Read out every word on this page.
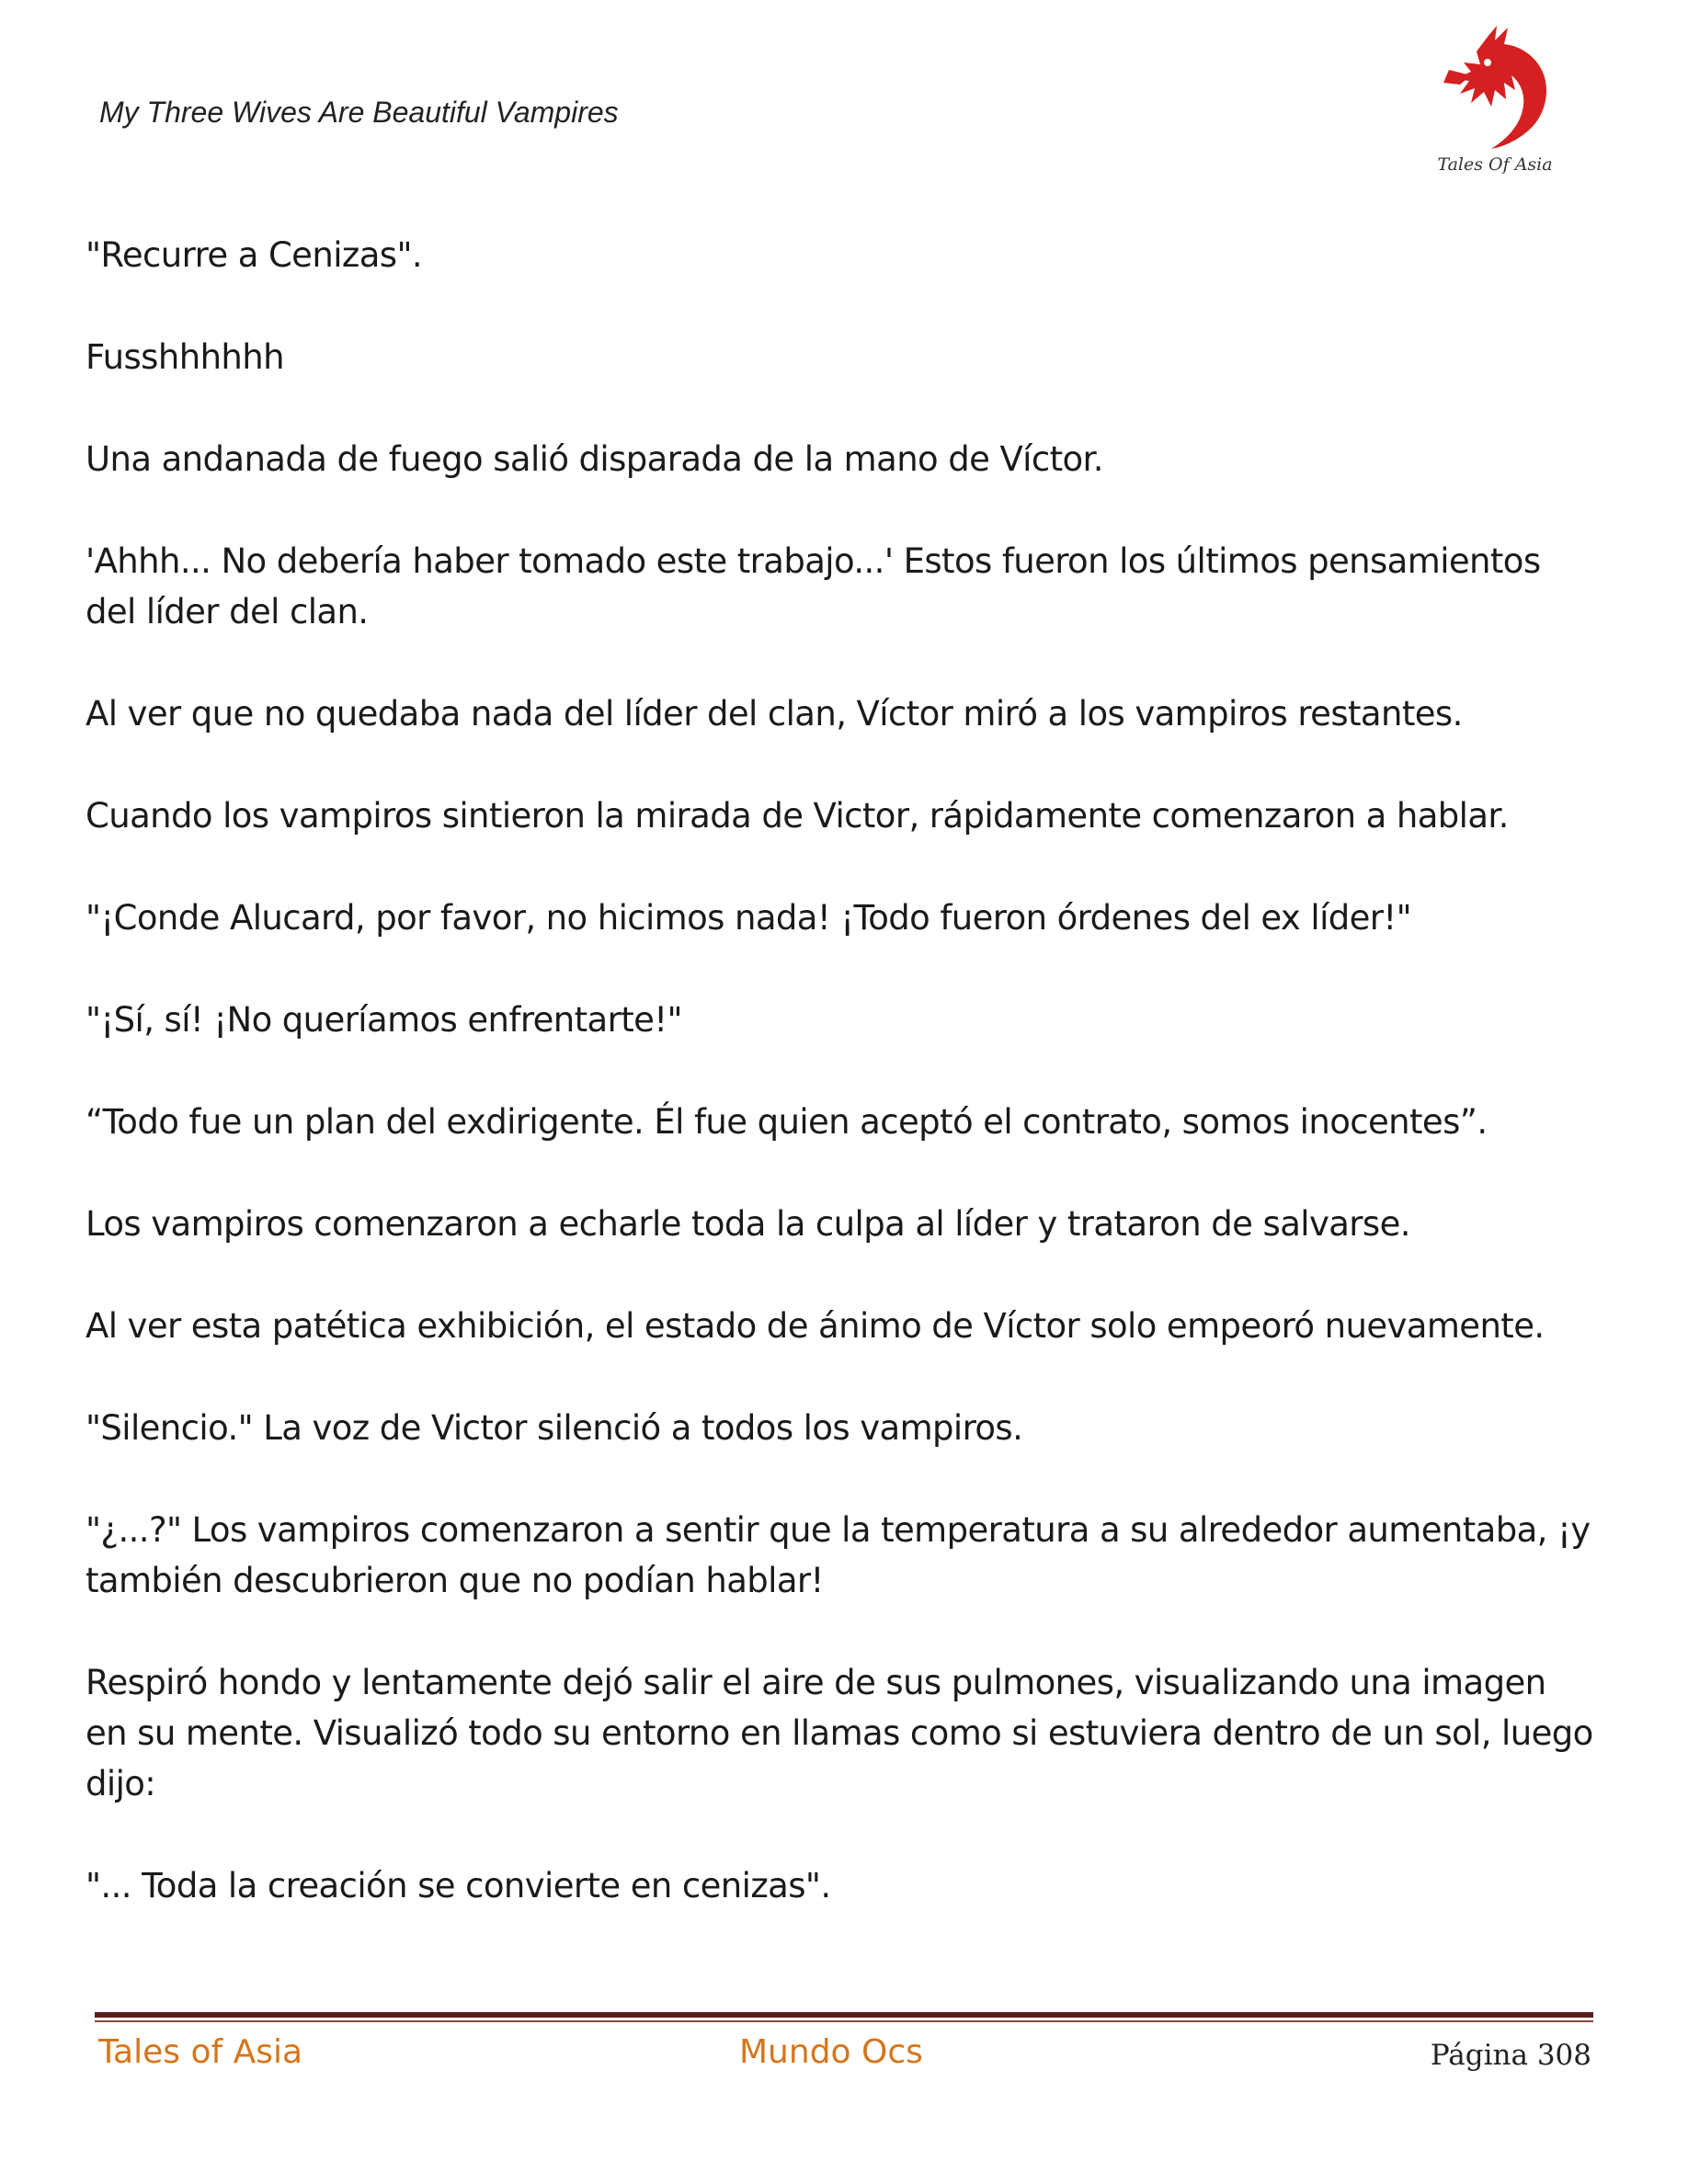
My Three Wives Are Beautiful Vampires
Tales Of Asia

"Recurre a Cenizas".

Fusshhhhhh

Una andanada de fuego salió disparada de la mano de Víctor.

'Ahhh... No debería haber tomado este trabajo...' Estos fueron los últimos pensamientos del líder del clan.

Al ver que no quedaba nada del líder del clan, Víctor miró a los vampiros restantes.

Cuando los vampiros sintieron la mirada de Victor, rápidamente comenzaron a hablar.

"¡Conde Alucard, por favor, no hicimos nada! ¡Todo fueron órdenes del ex líder!"

"¡Sí, sí! ¡No queríamos enfrentarte!"

“Todo fue un plan del exdirigente. Él fue quien aceptó el contrato, somos inocentes”.

Los vampiros comenzaron a echarle toda la culpa al líder y trataron de salvarse.

Al ver esta patética exhibición, el estado de ánimo de Víctor solo empeoró nuevamente.

"Silencio." La voz de Victor silenció a todos los vampiros.

"¿...?" Los vampiros comenzaron a sentir que la temperatura a su alrededor aumentaba, ¡y también descubrieron que no podían hablar!

Respiró hondo y lentamente dejó salir el aire de sus pulmones, visualizando una imagen en su mente. Visualizó todo su entorno en llamas como si estuviera dentro de un sol, luego dijo:

"... Toda la creación se convierte en cenizas".

Tales of Asia	Mundo Ocs	Página 308
